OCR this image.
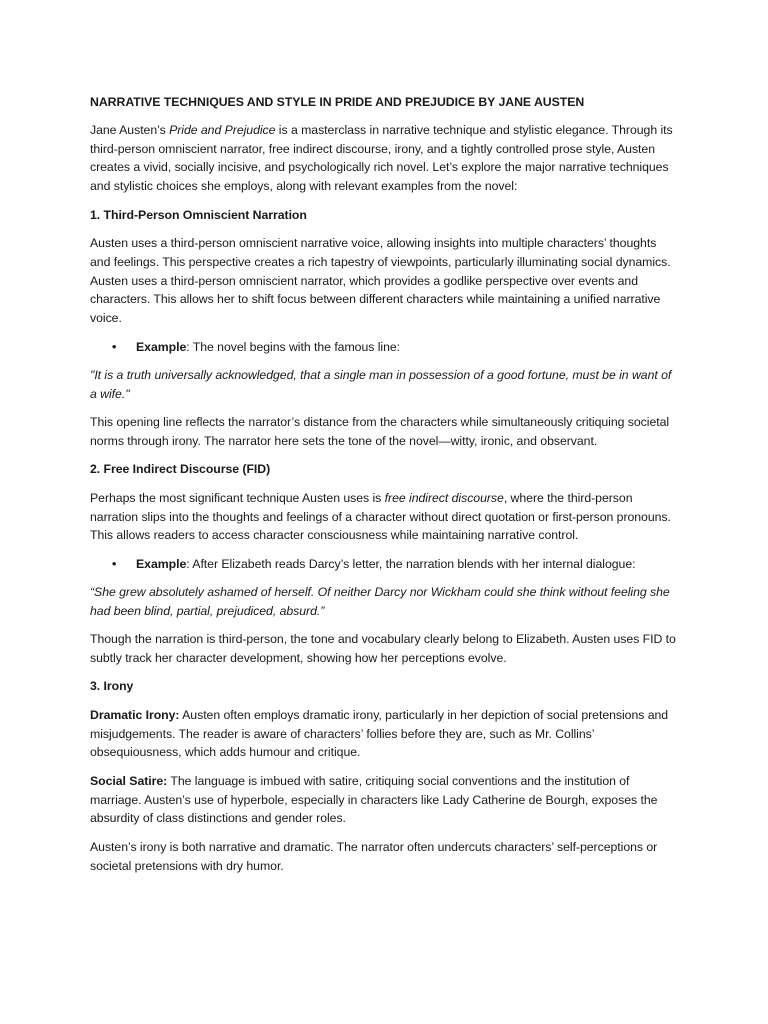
NARRATIVE TECHNIQUES AND STYLE IN PRIDE AND PREJUDICE BY JANE AUSTEN

Jane Austen’s Pride and Prejudice is a masterclass in narrative technique and stylistic elegance. Through its third-person omniscient narrator, free indirect discourse, irony, and a tightly controlled prose style, Austen creates a vivid, socially incisive, and psychologically rich novel. Let’s explore the major narrative techniques and stylistic choices she employs, along with relevant examples from the novel:

1. Third-Person Omniscient Narration

Austen uses a third-person omniscient narrative voice, allowing insights into multiple characters’ thoughts and feelings. This perspective creates a rich tapestry of viewpoints, particularly illuminating social dynamics. Austen uses a third-person omniscient narrator, which provides a godlike perspective over events and characters. This allows her to shift focus between different characters while maintaining a unified narrative voice.

• Example: The novel begins with the famous line:

"It is a truth universally acknowledged, that a single man in possession of a good fortune, must be in want of a wife."

This opening line reflects the narrator’s distance from the characters while simultaneously critiquing societal norms through irony. The narrator here sets the tone of the novel—witty, ironic, and observant.

2. Free Indirect Discourse (FID)

Perhaps the most significant technique Austen uses is free indirect discourse, where the third-person narration slips into the thoughts and feelings of a character without direct quotation or first-person pronouns. This allows readers to access character consciousness while maintaining narrative control.

• Example: After Elizabeth reads Darcy’s letter, the narration blends with her internal dialogue:

“She grew absolutely ashamed of herself. Of neither Darcy nor Wickham could she think without feeling she had been blind, partial, prejudiced, absurd.”

Though the narration is third-person, the tone and vocabulary clearly belong to Elizabeth. Austen uses FID to subtly track her character development, showing how her perceptions evolve.

3. Irony

Dramatic Irony: Austen often employs dramatic irony, particularly in her depiction of social pretensions and misjudgements. The reader is aware of characters’ follies before they are, such as Mr. Collins’ obsequiousness, which adds humour and critique.

Social Satire: The language is imbued with satire, critiquing social conventions and the institution of marriage. Austen’s use of hyperbole, especially in characters like Lady Catherine de Bourgh, exposes the absurdity of class distinctions and gender roles.

Austen’s irony is both narrative and dramatic. The narrator often undercuts characters’ self-perceptions or societal pretensions with dry humor.
